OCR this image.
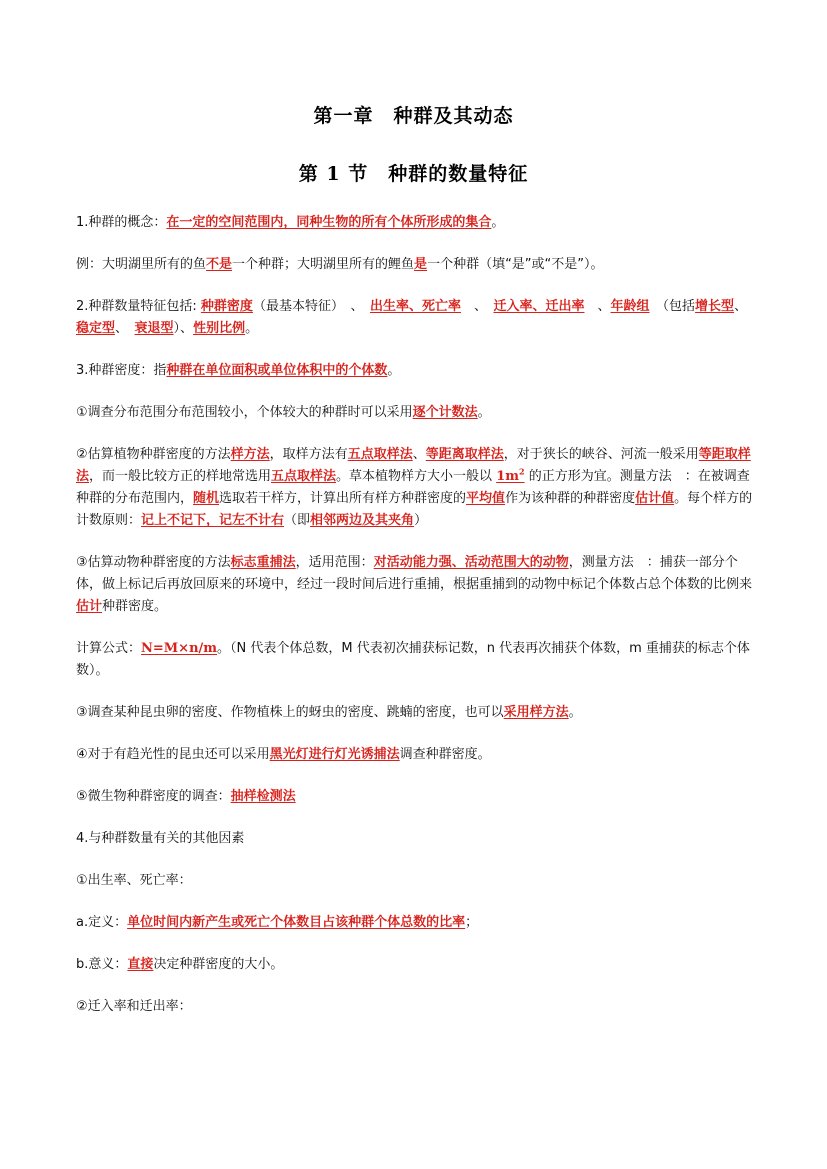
第一章　种群及其动态
第 1 节　种群的数量特征

1.种群的概念：在一定的空间范围内，同种生物的所有个体所形成的集合。

例：大明湖里所有的鱼不是一个种群；大明湖里所有的鲤鱼是一个种群（填“是”或“不是”）。

2.种群数量特征包括: 种群密度（最基本特征）　、　出生率、死亡率　、　迁入率、迁出率　、年龄组　（包括增长型、稳定型、　衰退型）、性别比例。

3.种群密度：指种群在单位面积或单位体积中的个体数。

①调查分布范围分布范围较小，个体较大的种群时可以采用逐个计数法。

②估算植物种群密度的方法样方法，取样方法有五点取样法、等距离取样法，对于狭长的峡谷、河流一般采用等距取样法，而一般比较方正的样地常选用五点取样法。草本植物样方大小一般以 $1m^2$ 的正方形为宜。测量方法　：在被调查种群的分布范围内，随机选取若干样方，计算出所有样方种群密度的平均值作为该种群的种群密度估计值。每个样方的计数原则：记上不记下，记左不计右（即相邻两边及其夹角）

③估算动物种群密度的方法标志重捕法，适用范围：对活动能力强、活动范围大的动物，测量方法　：捕获一部分个体，做上标记后再放回原来的环境中，经过一段时间后进行重捕，根据重捕到的动物中标记个体数占总个体数的比例来估计种群密度。

计算公式：N=M×n/m。（N 代表个体总数，M 代表初次捕获标记数，n 代表再次捕获个体数，m 重捕获的标志个体数）。

③调查某种昆虫卵的密度、作物植株上的蚜虫的密度、跳蝻的密度，也可以采用样方法。

④对于有趋光性的昆虫还可以采用黑光灯进行灯光诱捕法调查种群密度。

⑤微生物种群密度的调查：抽样检测法

4.与种群数量有关的其他因素

①出生率、死亡率：

a.定义：单位时间内新产生或死亡个体数目占该种群个体总数的比率；

b.意义：直接决定种群密度的大小。

②迁入率和迁出率：
